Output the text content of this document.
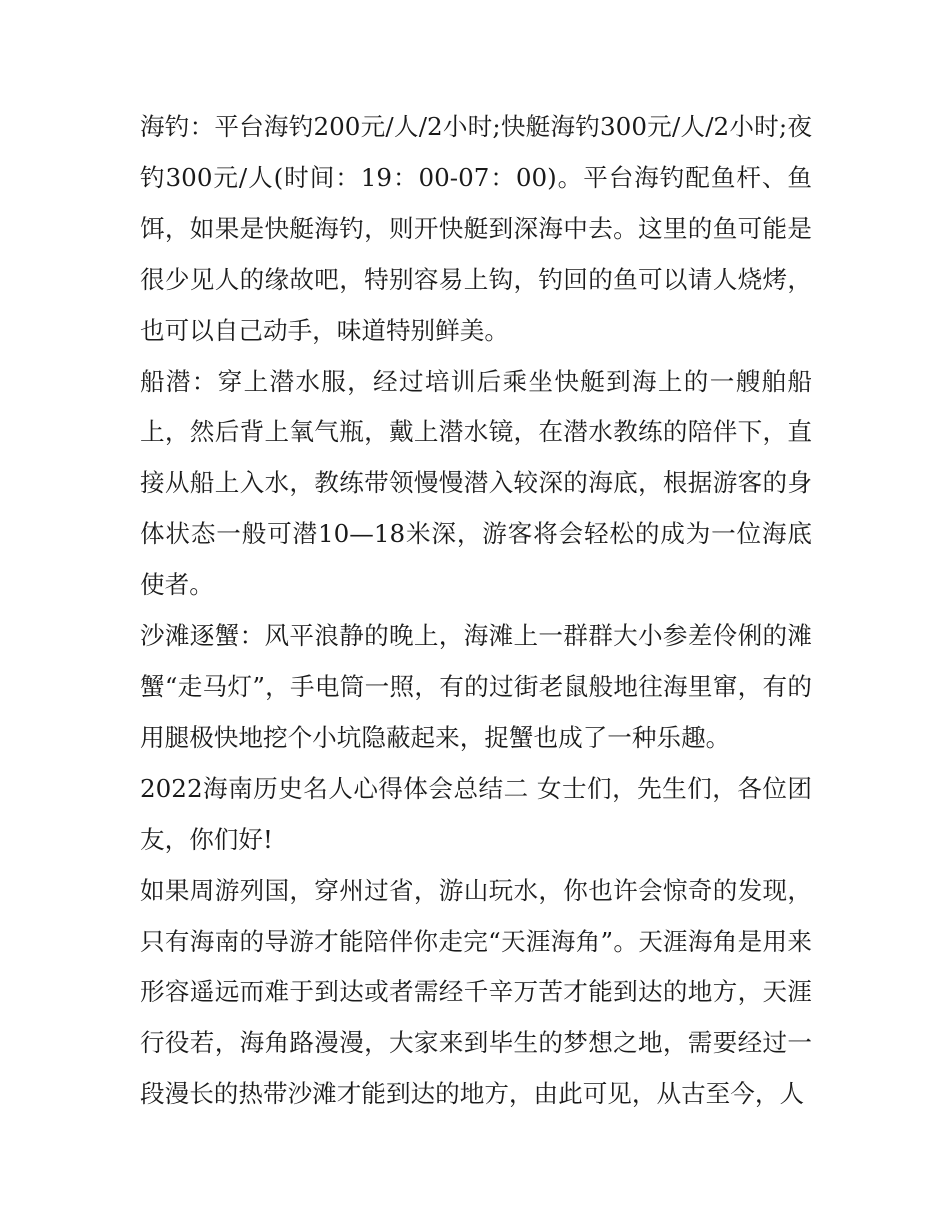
海钓：平台海钓200元/人/2小时;快艇海钓300元/人/2小时;夜钓300元/人(时间：19：00-07：00)。平台海钓配鱼杆、鱼饵，如果是快艇海钓，则开快艇到深海中去。这里的鱼可能是很少见人的缘故吧，特别容易上钩，钓回的鱼可以请人烧烤，也可以自己动手，味道特别鲜美。

船潜：穿上潜水服，经过培训后乘坐快艇到海上的一艘舶船上，然后背上氧气瓶，戴上潜水镜，在潜水教练的陪伴下，直接从船上入水，教练带领慢慢潜入较深的海底，根据游客的身体状态一般可潜10—18米深，游客将会轻松的成为一位海底使者。

沙滩逐蟹：风平浪静的晚上，海滩上一群群大小参差伶俐的滩蟹“走马灯”，手电筒一照，有的过街老鼠般地往海里窜，有的用腿极快地挖个小坑隐蔽起来，捉蟹也成了一种乐趣。

2022海南历史名人心得体会总结二 女士们，先生们，各位团友，你们好!

如果周游列国，穿州过省，游山玩水，你也许会惊奇的发现，只有海南的导游才能陪伴你走完“天涯海角”。天涯海角是用来形容遥远而难于到达或者需经千辛万苦才能到达的地方，天涯行役若，海角路漫漫，大家来到毕生的梦想之地，需要经过一段漫长的热带沙滩才能到达的地方，由此可见，从古至今，人
